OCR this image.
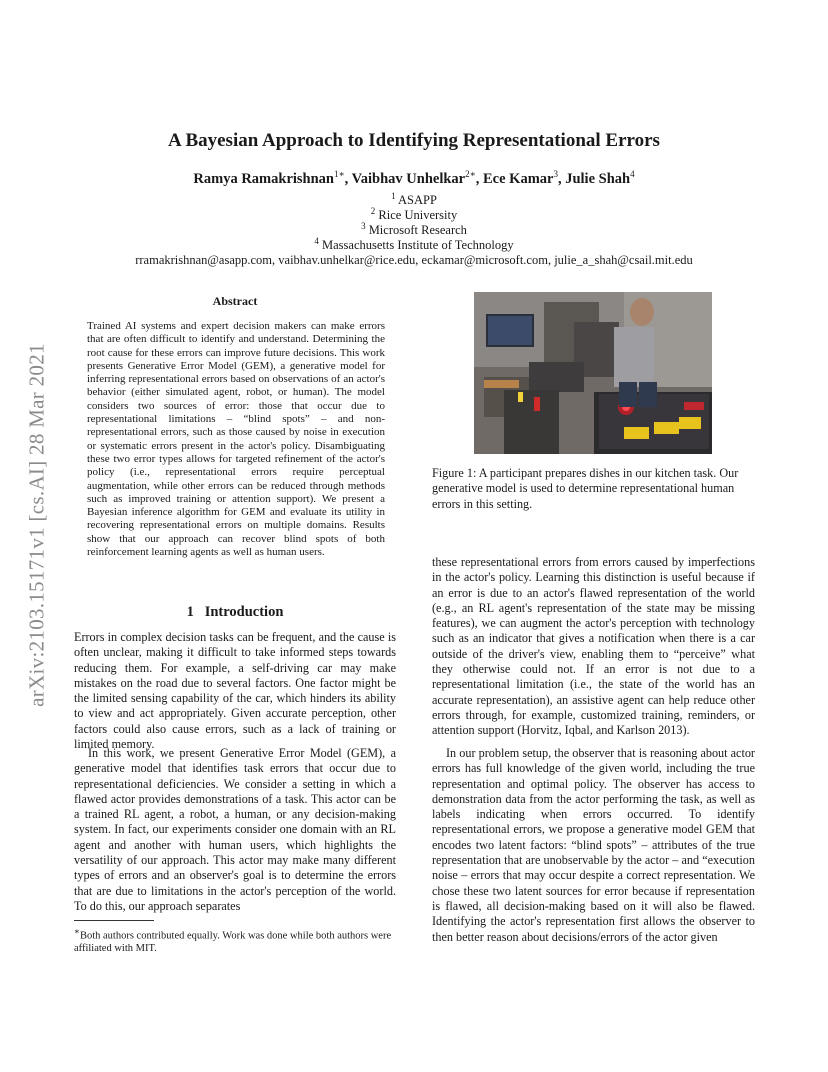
A Bayesian Approach to Identifying Representational Errors
Ramya Ramakrishnan$^{1∗}$, Vaibhav Unhelkar$^{2∗}$, Ece Kamar$^3$, Julie Shah$^4$
$^1$ ASAPP
$^2$ Rice University
$^3$ Microsoft Research
$^4$ Massachusetts Institute of Technology
rramakrishnan@asapp.com, vaibhav.unhelkar@rice.edu, eckamar@microsoft.com, julie_a_shah@csail.mit.edu
arXiv:2103.15171v1 [cs.AI] 28 Mar 2021
Abstract
Trained AI systems and expert decision makers can make errors that are often difficult to identify and understand. Determining the root cause for these errors can improve future decisions. This work presents Generative Error Model (GEM), a generative model for inferring representational errors based on observations of an actor's behavior (either simulated agent, robot, or human). The model considers two sources of error: those that occur due to representational limitations – “blind spots” – and non-representational errors, such as those caused by noise in execution or systematic errors present in the actor's policy. Disambiguating these two error types allows for targeted refinement of the actor's policy (i.e., representational errors require perceptual augmentation, while other errors can be reduced through methods such as improved training or attention support). We present a Bayesian inference algorithm for GEM and evaluate its utility in recovering representational errors on multiple domains. Results show that our approach can recover blind spots of both reinforcement learning agents as well as human users.
1 Introduction

Errors in complex decision tasks can be frequent, and the cause is often unclear, making it difficult to take informed steps towards reducing them. For example, a self-driving car may make mistakes on the road due to several factors. One factor might be the limited sensing capability of the car, which hinders its ability to view and act appropriately. Given accurate perception, other factors could also cause errors, such as a lack of training or limited memory.

In this work, we present Generative Error Model (GEM), a generative model that identifies task errors that occur due to representational deficiencies. We consider a setting in which a flawed actor provides demonstrations of a task. This actor can be a trained RL agent, a robot, a human, or any decision-making system. In fact, our experiments consider one domain with an RL agent and another with human users, which highlights the versatility of our approach. This actor may make many different types of errors and an observer's goal is to determine the errors that are due to limitations in the actor's perception of the world. To do this, our approach separates

∗Both authors contributed equally. Work was done while both authors were affiliated with MIT.
Figure 1: A participant prepares dishes in our kitchen task. Our generative model is used to determine representational human errors in this setting.

these representational errors from errors caused by imperfections in the actor's policy. Learning this distinction is useful because if an error is due to an actor's flawed representation of the world (e.g., an RL agent's representation of the state may be missing features), we can augment the actor's perception with technology such as an indicator that gives a notification when there is a car outside of the driver's view, enabling them to “perceive” what they otherwise could not. If an error is not due to a representational limitation (i.e., the state of the world has an accurate representation), an assistive agent can help reduce other errors through, for example, customized training, reminders, or attention support (Horvitz, Iqbal, and Karlson 2013).

In our problem setup, the observer that is reasoning about actor errors has full knowledge of the given world, including the true representation and optimal policy. The observer has access to demonstration data from the actor performing the task, as well as labels indicating when errors occurred. To identify representational errors, we propose a generative model GEM that encodes two latent factors: “blind spots” – attributes of the true representation that are unobservable by the actor – and “execution noise – errors that may occur despite a correct representation. We chose these two latent sources for error because if representation is flawed, all decision-making based on it will also be flawed. Identifying the actor's representation first allows the observer to then better reason about decisions/errors of the actor given
